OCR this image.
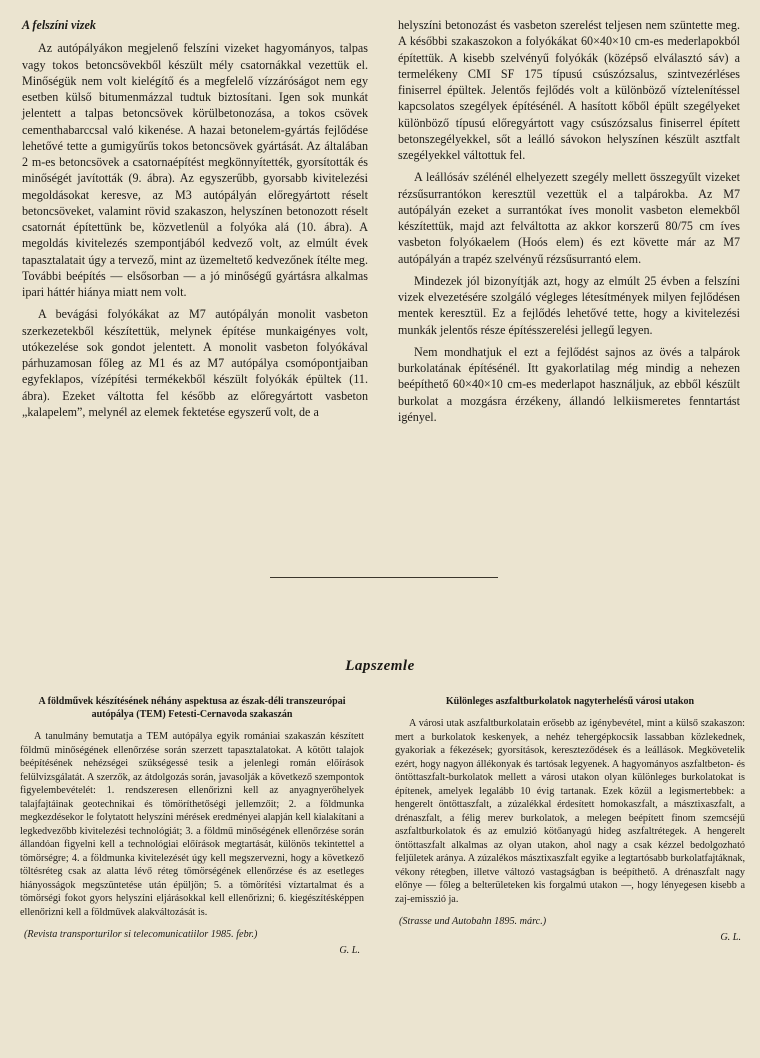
A felszíni vizek

Az autópályákon megjelenő felszíni vizeket hagyományos, talpas vagy tokos betoncsövekből készült mély csatornákkal vezettük el. Minőségük nem volt kielégítő és a megfelelő vízzáróságot nem egy esetben külső bitumenmázzal tudtuk biztosítani. Igen sok munkát jelentett a talpas betoncsövek körülbetonozása, a tokos csövek cementhabarccsal való kikenése. A hazai betonelem-gyártás fejlődése lehetővé tette a gumigyűrűs tokos betoncsövek gyártását. Az általában 2 m-es betoncsövek a csatornaépítést megkönnyítették, gyorsították és minőségét javították (9. ábra). Az egyszerűbb, gyorsabb kivitelezési megoldásokat keresve, az M3 autópályán előregyártott réselt betoncsöveket, valamint rövid szakaszon, helyszínen betonozott réselt csatornát építettünk be, közvetlenül a folyóka alá (10. ábra). A megoldás kivitelezés szempontjából kedvező volt, az elmúlt évek tapasztalatait úgy a tervező, mint az üzemeltető kedvezőnek ítélte meg. További beépítés — elsősorban — a jó minőségű gyártásra alkalmas ipari háttér hiánya miatt nem volt.

A bevágási folyókákat az M7 autópályán monolit vasbeton szerkezetekből készítettük, melynek építése munkaigényes volt, utókezelése sok gondot jelentett. A monolit vasbeton folyókával párhuzamosan főleg az M1 és az M7 autópálya csomópontjaiban egyfeklapos, vízépítési termékekből készült folyókák épültek (11. ábra). Ezeket váltotta fel később az előregyártott vasbeton „kalapelem”, melynél az elemek fektetése egyszerű volt, de a

helyszíni betonozást és vasbeton szerelést teljesen nem szüntette meg. A későbbi szakaszokon a folyókákat 60×40×10 cm-es mederlapokból építettük. A kisebb szelvényű folyókák (középső elválasztó sáv) a termelékeny CMI SF 175 típusú csúszózsalus, szintvezérléses finiserrel épültek. Jelentős fejlődés volt a különböző víztelenítéssel kapcsolatos szegélyek építésénél. A hasított kőből épült szegélyeket különböző típusú előregyártott vagy csúszózsalus finiserrel épített betonszegélyekkel, sőt a leálló sávokon helyszínen készült asztfalt szegélyekkel váltottuk fel.

A leállósáv szélénél elhelyezett szegély mellett összegyűlt vizeket rézsűsurrantókon keresztül vezettük el a talpárokba. Az M7 autópályán ezeket a surrantókat íves monolit vasbeton elemekből készítettük, majd azt felváltotta az akkor korszerű 80/75 cm íves vasbeton folyókaelem (Hoós elem) és ezt követte már az M7 autópályán a trapéz szelvényű rézsűsurrantó elem.

Mindezek jól bizonyítják azt, hogy az elmúlt 25 évben a felszíni vizek elvezetésére szolgáló végleges létesítmények milyen fejlődésen mentek keresztül. Ez a fejlődés lehetővé tette, hogy a kivitelezési munkák jelentős része építésszerelési jellegű legyen.

Nem mondhatjuk el ezt a fejlődést sajnos az övés a talpárok burkolatának építésénél. Itt gyakorlatilag még mindig a nehezen beépíthető 60×40×10 cm-es mederlapot használjuk, az ebből készült burkolat a mozgásra érzékeny, állandó lelkiismeretes fenntartást igényel.

Lapszemle
A földművek készítésének néhány aspektusa az észak-déli transzeurópai autópálya (TEM) Fetesti-Cernavoda szakaszán

A tanulmány bemutatja a TEM autópálya egyik romániai szakaszán készített földmű minőségének ellenőrzése során szerzett tapasztalatokat. A kötött talajok beépítésének nehézségei szükségessé tesik a jelenlegi román előírások felülvizsgálatát. A szerzők, az átdolgozás során, javasolják a következő szempontok figyelembevételét: 1. rendszeresen ellenőrizni kell az anyagnyerőhelyek talajfajtáinak geotechnikai és tömöríthetőségi jellemzőit; 2. a földmunka megkezdésekor le folytatott helyszíni mérések eredményei alapján kell kialakítani a legkedvezőbb kivitelezési technológiát; 3. a földmű minőségének ellenőrzése során állandóan figyelni kell a technológiai előírások megtartását, különös tekintettel a tömörségre; 4. a földmunka kivitelezését úgy kell megszervezni, hogy a következő töltésréteg csak az alatta lévő réteg tömörségének ellenőrzése és az esetleges hiányosságok megszüntetése után épüljön; 5. a tömörítési víztartalmat és a tömörségi fokot gyors helyszíni eljárásokkal kell ellenőrizni; 6. kiegészítésképpen ellenőrizni kell a földművek alakváltozását is.

(Revista transporturilor si telecomunicatiilor 1985. febr.)
G. L.
Különleges aszfaltburkolatok nagyterhelésű városi utakon

A városi utak aszfaltburkolatain erősebb az igénybevétel, mint a külső szakaszon: mert a burkolatok keskenyek, a nehéz tehergépkocsik lassabban közlekednek, gyakoriak a fékezések; gyorsítások, kereszteződések és a leállások. Megkövetelik ezért, hogy nagyon állékonyak és tartósak legyenek. A hagyományos aszfaltbeton- és öntöttaszfalt-burkolatok mellett a városi utakon olyan különleges burkolatokat is építenek, amelyek legalább 10 évig tartanak. Ezek közül a legismertebbek: a hengerelt öntöttaszfalt, a zúzalékkal érdesített homokaszfalt, a másztixaszfalt, a drénaszfalt, a félig merev burkolatok, a melegen beépített finom szemcséjű aszfaltburkolatok és az emulzió kötőanyagú hideg aszfaltrétegek. A hengerelt öntöttaszfalt alkalmas az olyan utakon, ahol nagy a csak kézzel bedolgozható feljületek aránya. A zúzalékos másztixaszfalt egyike a legtartósabb burkolatfajtáknak, vékony rétegben, illetve változó vastagságban is beépíthető. A drénaszfalt nagy előnye — főleg a belterületeken kis forgalmú utakon —, hogy lényegesen kisebb a zaj-emisszió ja.

(Strasse und Autobahn 1895. márc.)
G. L.
